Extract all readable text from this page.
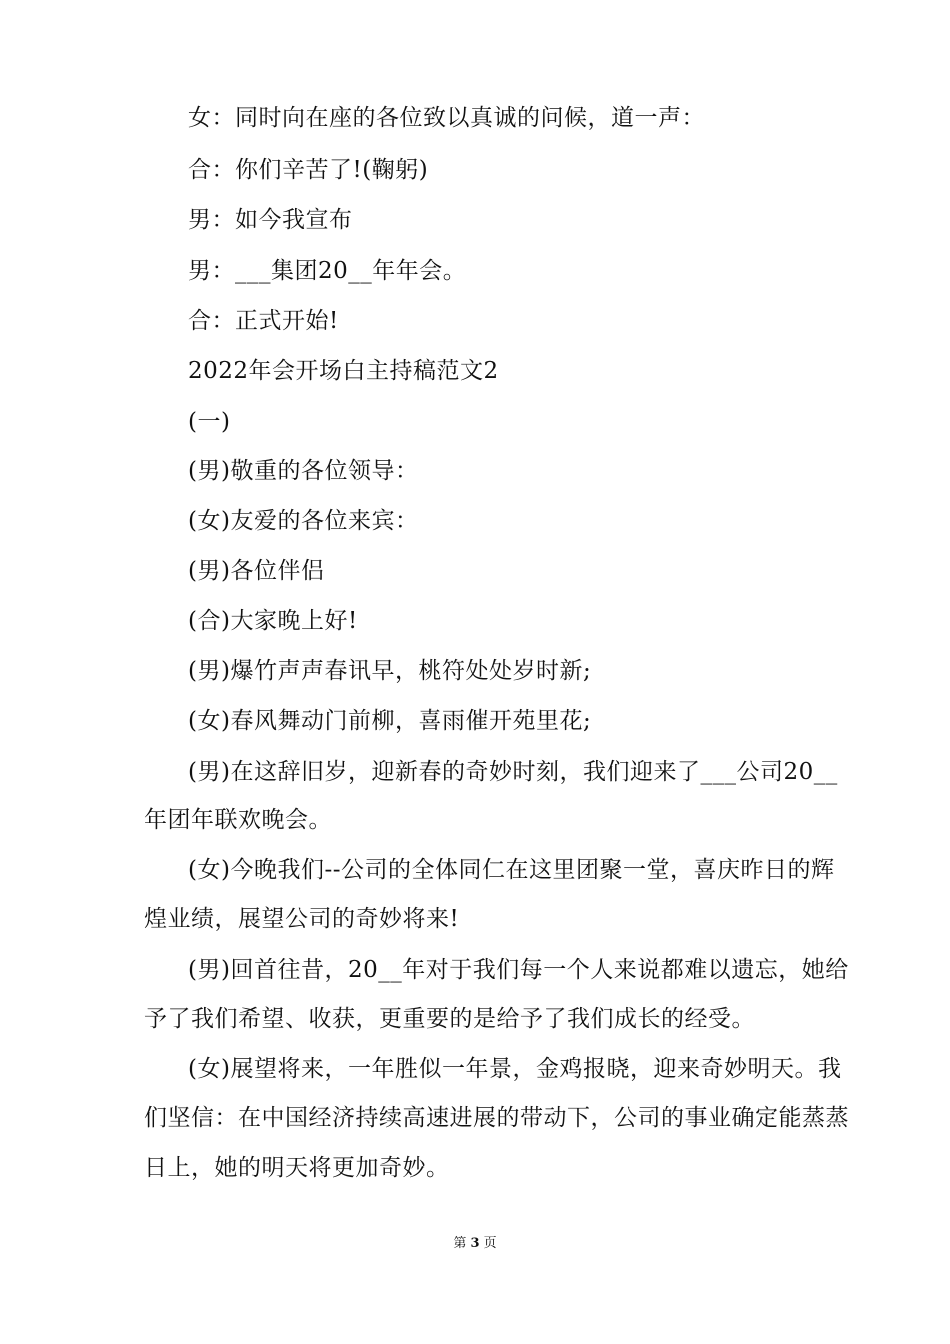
女：同时向在座的各位致以真诚的问候，道一声：
合：你们辛苦了!(鞠躬)
男：如今我宣布
男：___集团20__年年会。
合：正式开始!
2022年会开场白主持稿范文2
(一)
(男)敬重的各位领导：
(女)友爱的各位来宾：
(男)各位伴侣
(合)大家晚上好!
(男)爆竹声声春讯早，桃符处处岁时新;
(女)春风舞动门前柳，喜雨催开苑里花;
(男)在这辞旧岁，迎新春的奇妙时刻，我们迎来了___公司20__
年团年联欢晚会。
(女)今晚我们--公司的全体同仁在这里团聚一堂，喜庆昨日的辉
煌业绩，展望公司的奇妙将来!
(男)回首往昔，20__年对于我们每一个人来说都难以遗忘，她给
予了我们希望、收获，更重要的是给予了我们成长的经受。
(女)展望将来，一年胜似一年景，金鸡报晓，迎来奇妙明天。我
们坚信：在中国经济持续高速进展的带动下，公司的事业确定能蒸蒸
日上，她的明天将更加奇妙。
第 3 页
